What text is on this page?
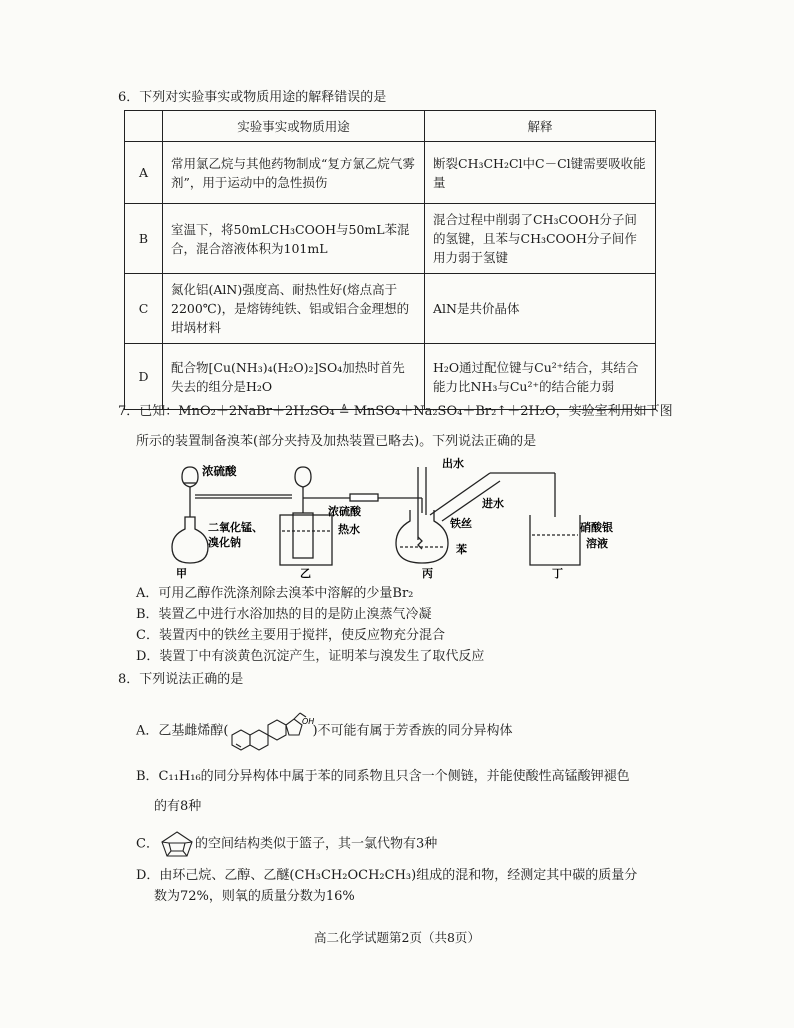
6．下列对实验事实或物质用途的解释错误的是
	实验事实或物质用途	解释
A	常用氯乙烷与其他药物制成“复方氯乙烷气雾剂”，用于运动中的急性损伤	断裂CH₃CH₂Cl中C－Cl键需要吸收能量
B	室温下，将50mLCH₃COOH与50mL苯混合，混合溶液体积为101mL	混合过程中削弱了CH₃COOH分子间的氢键，且苯与CH₃COOH分子间作用力弱于氢键
C	氮化铝(AlN)强度高、耐热性好(熔点高于2200℃)，是熔铸纯铁、铝或铝合金理想的坩埚材料	AlN是共价晶体
D	配合物[Cu(NH₃)₄(H₂O)₂]SO₄加热时首先失去的组分是H₂O	H₂O通过配位键与Cu²⁺结合，其结合能力比NH₃与Cu²⁺的结合能力弱
7．已知：MnO₂＋2NaBr＋2H₂SO₄ ≜ MnSO₄＋Na₂SO₄＋Br₂↑＋2H₂O，实验室利用如下图
所示的装置制备溴苯(部分夹持及加热装置已略去)。下列说法正确的是
浓硫酸
二氧化锰、
溴化钠
浓硫酸
热水
出水
进水
铁丝
苯
硝酸银
溶液
甲	乙	丙	丁
A．可用乙醇作洗涤剂除去溴苯中溶解的少量Br₂
B．装置乙中进行水浴加热的目的是防止溴蒸气冷凝
C．装置丙中的铁丝主要用于搅拌，使反应物充分混合
D．装置丁中有淡黄色沉淀产生，证明苯与溴发生了取代反应
8．下列说法正确的是
A．乙基雌烯醇(
OH
)不可能有属于芳香族的同分异构体
B．C₁₁H₁₆的同分异构体中属于苯的同系物且只含一个侧链，并能使酸性高锰酸钾褪色
的有8种
C．	的空间结构类似于篮子，其一氯代物有3种
D．由环己烷、乙醇、乙醚(CH₃CH₂OCH₂CH₃)组成的混和物，经测定其中碳的质量分
数为72%，则氧的质量分数为16%
高二化学试题第2页（共8页）
